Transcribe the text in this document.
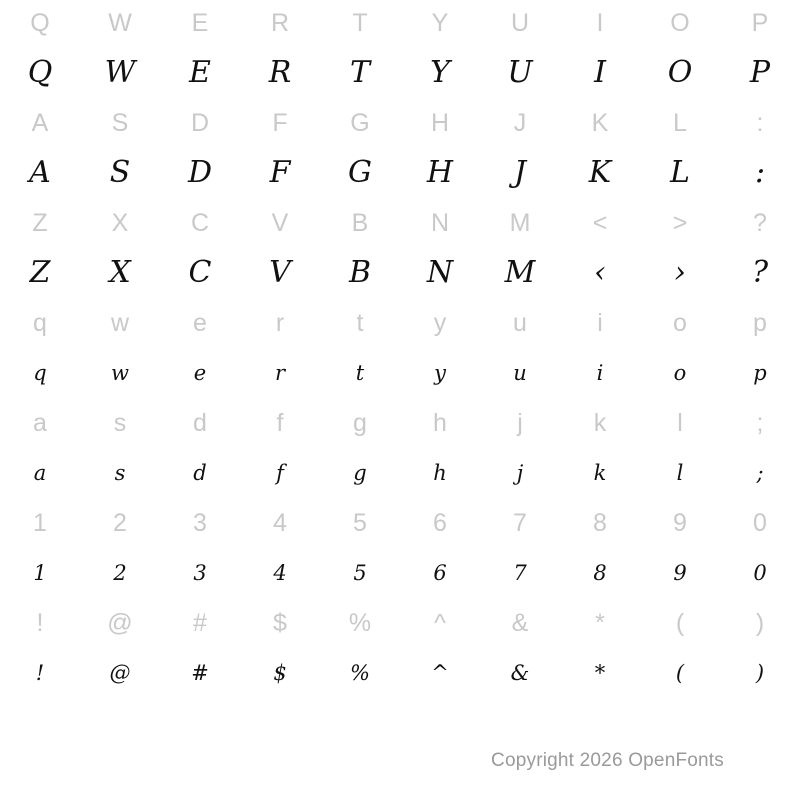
Q W E	R	T	Y	U	I	O P
Q W E R T Y U I O P
A	S	D	F	G H	J	K	L	:
A S D F G H J K L :
Z	X	C	V	B	N M <	>	?
Z X C V B N M ‹ › ?
q	w	e	r	t	y	u	i	o	p
q	w	e	r	t	y	u	i	o	p
a	s	d	f	g	h	j	k	l	;
a	s	d	f	g	h	j	k	l	;
1	2	3	4	5	6	7	8	9	0
1	2	3	4	5	6	7	8	9	0
!	@ #	$ %	^	&	*	(	)
!	@	#	$	%	^	&	*	(	)
Copyright 2026 OpenFonts
